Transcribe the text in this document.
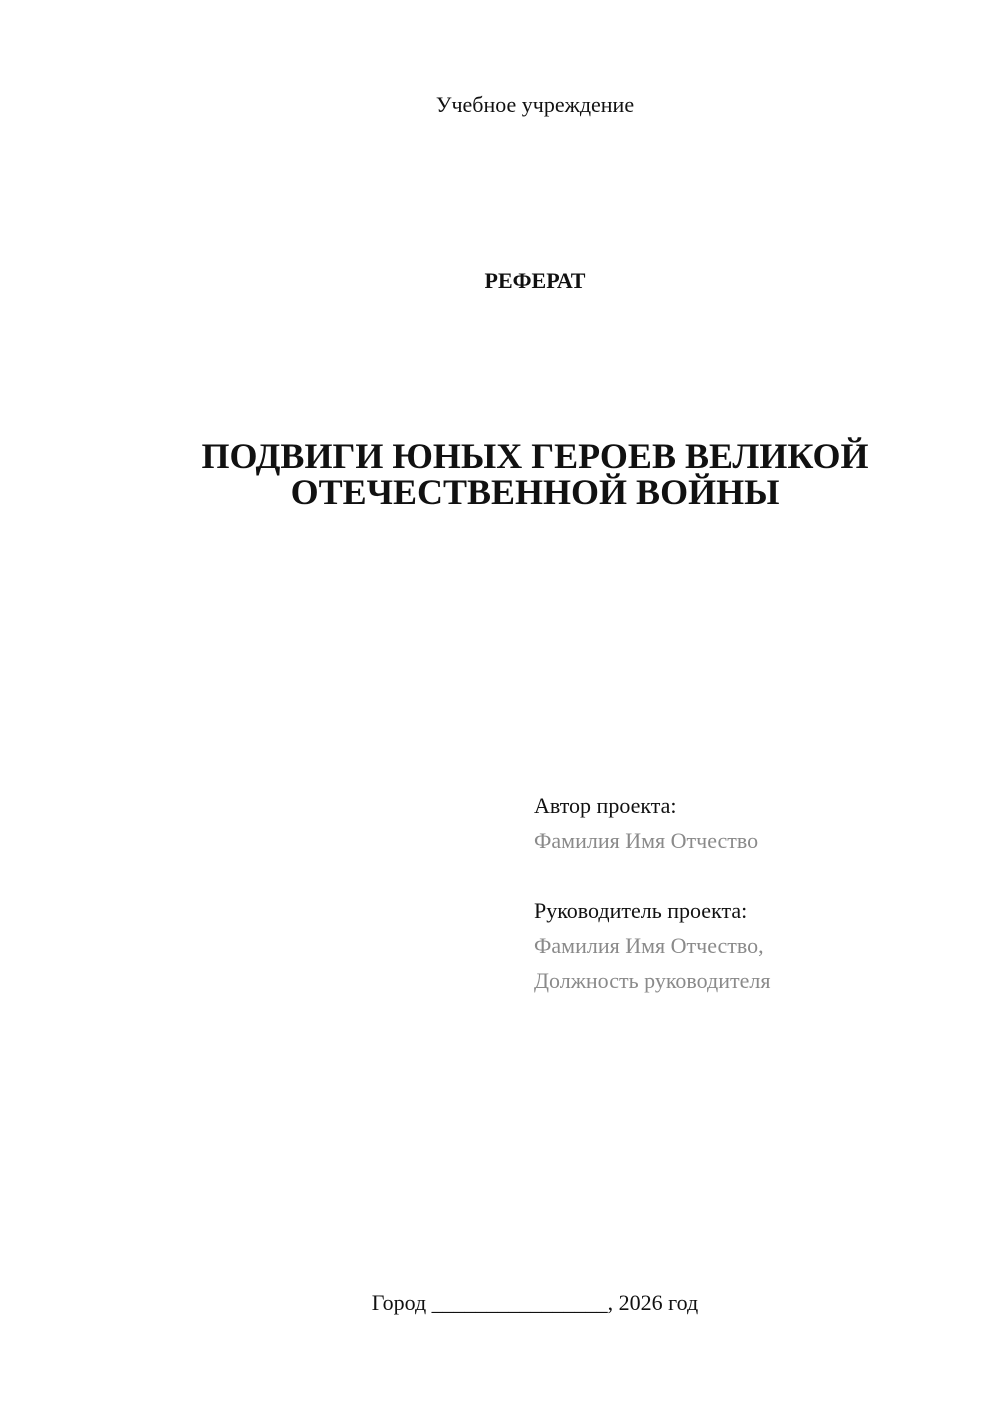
Учебное учреждение
РЕФЕРАТ
ПОДВИГИ ЮНЫХ ГЕРОЕВ ВЕЛИКОЙ
ОТЕЧЕСТВЕННОЙ ВОЙНЫ
Автор проекта:
Фамилия Имя Отчество
Руководитель проекта:
Фамилия Имя Отчество,
Должность руководителя
Город ________________, 2026 год
